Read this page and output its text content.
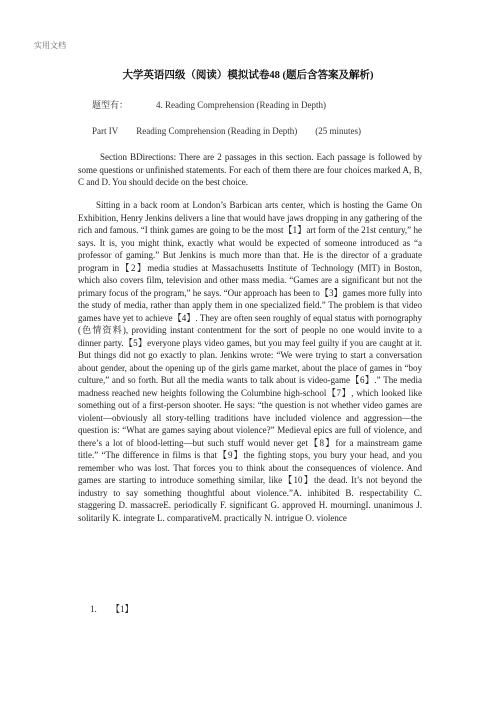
实用文档
大学英语四级（阅读）模拟试卷48 (题后含答案及解析)
题型有：	4. Reading Comprehension (Reading in Depth)
Part IV Reading Comprehension (Reading in Depth) (25 minutes)

Section BDirections: There are 2 passages in this section. Each passage is followed by some questions or unfinished statements. For each of them there are four choices marked A, B, C and D. You should decide on the best choice.

Sitting in a back room at London’s Barbican arts center, which is hosting the Game On Exhibition, Henry Jenkins delivers a line that would have jaws dropping in any gathering of the rich and famous. “I think games are going to be the most【1】art form of the 21st century,” he says. It is, you might think, exactly what would be expected of someone introduced as “a professor of gaming.” But Jenkins is much more than that. He is the director of a graduate program in【2】media studies at Massachusetts Institute of Technology (MIT) in Boston, which also covers film, television and other mass media. “Games are a significant but not the primary focus of the program,” he says. “Our approach has been to【3】games more fully into the study of media, rather than apply them in one specialized field.” The problem is that video games have yet to achieve【4】. They are often seen roughly of equal status with pornography (色情资料), providing instant contentment for the sort of people no one would invite to a dinner party.【5】everyone plays video games, but you may feel guilty if you are caught at it. But things did not go exactly to plan. Jenkins wrote: “We were trying to start a conversation about gender, about the opening up of the girls game market, about the place of games in “boy culture,” and so forth. But all the media wants to talk about is video-game【6】.” The media madness reached new heights following the Columbine high-school【7】, which looked like something out of a first-person shooter. He says: “the question is not whether video games are violent—obviously all story-telling traditions have included violence and aggression—the question is: “What are games saying about violence?” Medieval epics are full of violence, and there’s a lot of blood-letting—but such stuff would never get【8】for a mainstream game title.” “The difference in films is that【9】the fighting stops, you bury your head, and you remember who was lost. That forces you to think about the consequences of violence. And games are starting to introduce something similar, like【10】the dead. It’s not beyond the industry to say something thoughtful about violence.”A. inhibited B. respectability C. staggering D. massacreE. periodically F. significant G. approved H. mourningI. unanimous J. solitarily K. integrate L. comparativeM. practically N. intrigue O. violence

1. 【1】
